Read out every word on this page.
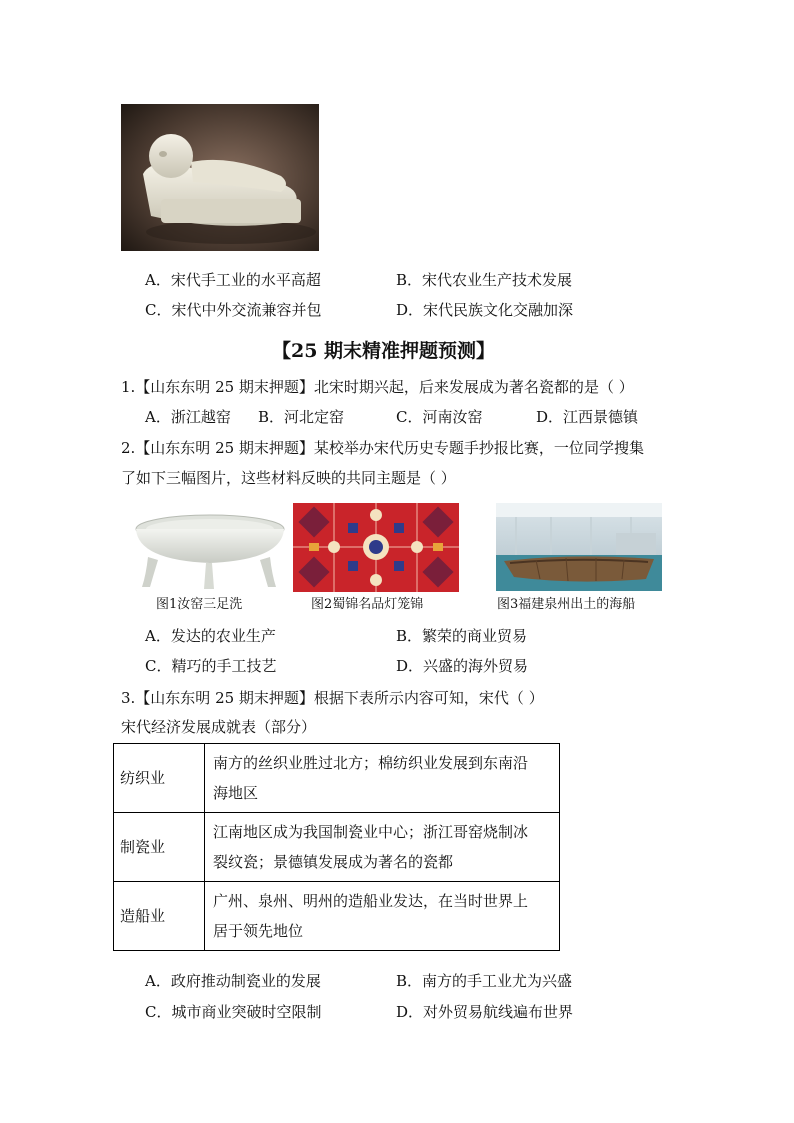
A．宋代手工业的水平高超	B．宋代农业生产技术发展
C．宋代中外交流兼容并包	D．宋代民族文化交融加深
【25 期末精准押题预测】
1.【山东东明 25 期末押题】北宋时期兴起，后来发展成为著名瓷都的是（ ）
A．浙江越窑 B．河北定窑	C．河南汝窑	D．江西景德镇
2.【山东东明 25 期末押题】某校举办宋代历史专题手抄报比赛，一位同学搜集
了如下三幅图片，这些材料反映的共同主题是（ ）
图1汝窑三足洗	图2蜀锦名品灯笼锦	图3福建泉州出土的海船
A．发达的农业生产	B．繁荣的商业贸易
C．精巧的手工技艺	D．兴盛的海外贸易
3.【山东东明 25 期末押题】根据下表所示内容可知，宋代（ ）
宋代经济发展成就表（部分）
纺织业	南方的丝织业胜过北方；棉纺织业发展到东南沿
海地区

制瓷业	江南地区成为我国制瓷业中心；浙江哥窑烧制冰
裂纹瓷；景德镇发展成为著名的瓷都

造船业	广州、泉州、明州的造船业发达，在当时世界上
居于领先地位
A．政府推动制瓷业的发展	B．南方的手工业尤为兴盛
C．城市商业突破时空限制	D．对外贸易航线遍布世界
